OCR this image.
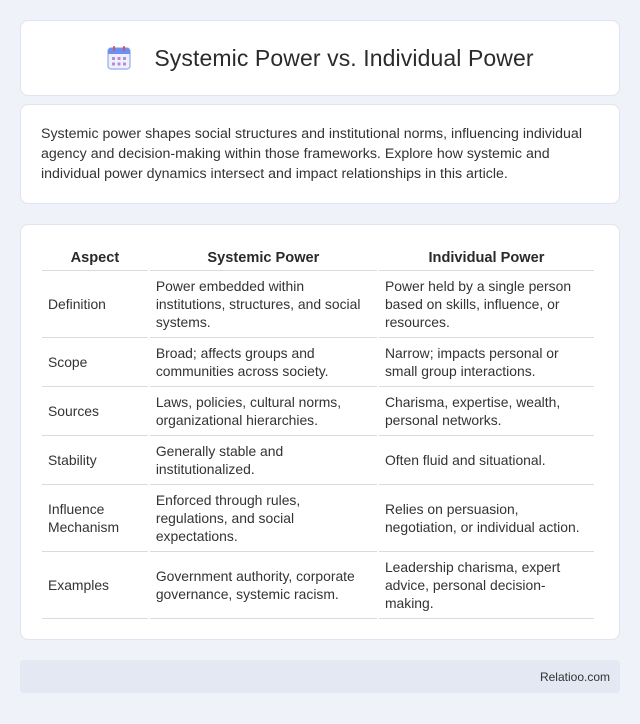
Systemic Power vs. Individual Power

Systemic power shapes social structures and institutional norms, influencing individual agency and decision-making within those frameworks. Explore how systemic and individual power dynamics intersect and impact relationships in this article.

Aspect	Systemic Power	Individual Power
Definition	Power embedded within institutions, structures, and social systems.	Power held by a single person based on skills, influence, or resources.
Scope	Broad; affects groups and communities across society.	Narrow; impacts personal or small group interactions.
Sources	Laws, policies, cultural norms, organizational hierarchies.	Charisma, expertise, wealth, personal networks.
Stability	Generally stable and institutionalized.	Often fluid and situational.
Influence Mechanism	Enforced through rules, regulations, and social expectations.	Relies on persuasion, negotiation, or individual action.
Examples	Government authority, corporate governance, systemic racism.	Leadership charisma, expert advice, personal decision-making.
Relatioo.com
